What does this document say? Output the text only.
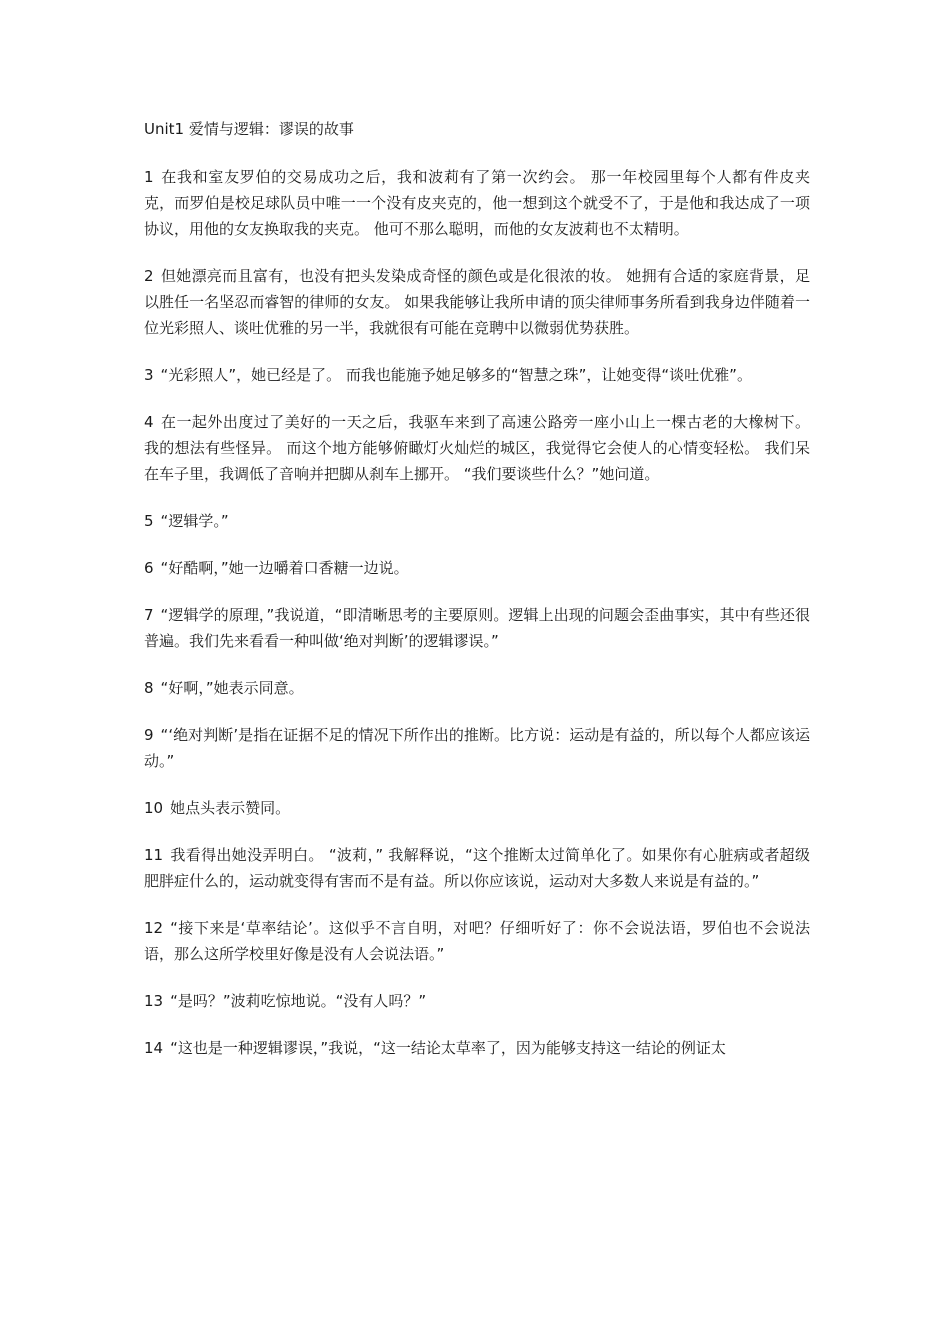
Unit1 爱情与逻辑：谬误的故事

1 在我和室友罗伯的交易成功之后，我和波莉有了第一次约会。 那一年校园里每个人都有件皮夹克，而罗伯是校足球队员中唯一一个没有皮夹克的，他一想到这个就受不了，于是他和我达成了一项协议，用他的女友换取我的夹克。 他可不那么聪明，而他的女友波莉也不太精明。

2 但她漂亮而且富有，也没有把头发染成奇怪的颜色或是化很浓的妆。 她拥有合适的家庭背景，足以胜任一名坚忍而睿智的律师的女友。 如果我能够让我所申请的顶尖律师事务所看到我身边伴随着一位光彩照人、谈吐优雅的另一半，我就很有可能在竞聘中以微弱优势获胜。

3 “光彩照人”，她已经是了。 而我也能施予她足够多的“智慧之珠”，让她变得“谈吐优雅”。

4 在一起外出度过了美好的一天之后，我驱车来到了高速公路旁一座小山上一棵古老的大橡树下。 我的想法有些怪异。 而这个地方能够俯瞰灯火灿烂的城区，我觉得它会使人的心情变轻松。 我们呆在车子里，我调低了音响并把脚从刹车上挪开。 “我们要谈些什么？”她问道。

5 “逻辑学。”

6 “好酷啊，”她一边嚼着口香糖一边说。

7 “逻辑学的原理，”我说道，“即清晰思考的主要原则。逻辑上出现的问题会歪曲事实，其中有些还很普遍。我们先来看看一种叫做‘绝对判断’的逻辑谬误。”

8 “好啊，”她表示同意。

9 “‘绝对判断’是指在证据不足的情况下所作出的推断。比方说：运动是有益的，所以每个人都应该运动。”

10 她点头表示赞同。

11 我看得出她没弄明白。 “波莉，” 我解释说，“这个推断太过简单化了。如果你有心脏病或者超级肥胖症什么的，运动就变得有害而不是有益。所以你应该说，运动对大多数人来说是有益的。”

12 “接下来是‘草率结论’。这似乎不言自明，对吧？仔细听好了：你不会说法语，罗伯也不会说法语，那么这所学校里好像是没有人会说法语。”

13 “是吗？”波莉吃惊地说。“没有人吗？”

14 “这也是一种逻辑谬误，”我说，“这一结论太草率了，因为能够支持这一结论的例证太
